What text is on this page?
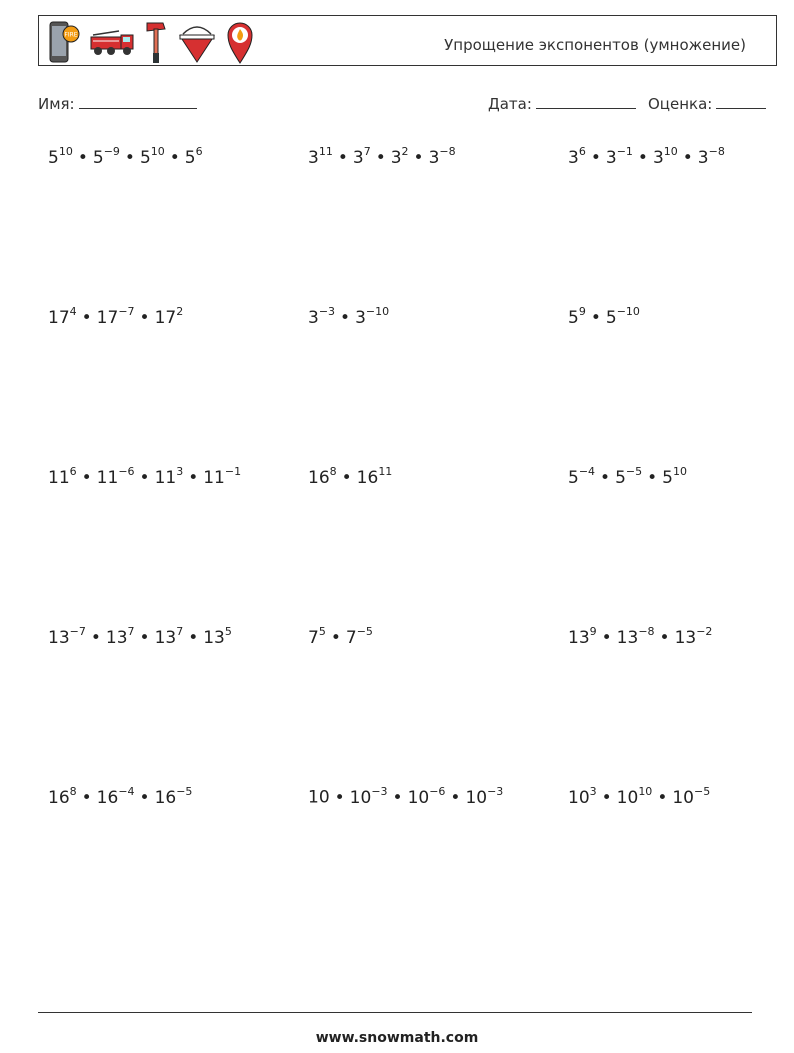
FIRE
Упрощение экспонентов (умножение)
Имя:	Дата:	Оценка:
$5^{10}$ • $5^{-9}$ • $5^{10}$ • $5^6$	$3^{11}$ • $3^7$ • $3^2$ • $3^{-8}$	$3^6$ • $3^{-1}$ • $3^{10}$ • $3^{-8}$
$17^4$ • $17^{-7}$ • $17^2$	$3^{-3}$ • $3^{-10}$	$5^9$ • $5^{-10}$
$11^6$ • $11^{-6}$ • $11^3$ • $11^{-1}$	$16^8$ • $16^{11}$	$5^{-4}$ • $5^{-5}$ • $5^{10}$
$13^{-7}$ • $13^7$ • $13^7$ • $13^5$	$7^5$ • $7^{-5}$	$13^9$ • $13^{-8}$ • $13^{-2}$
$16^8$ • $16^{-4}$ • $16^{-5}$	10 • $10^{-3}$ • $10^{-6}$ • $10^{-3}$	$10^3$ • $10^{10}$ • $10^{-5}$
www.snowmath.com
